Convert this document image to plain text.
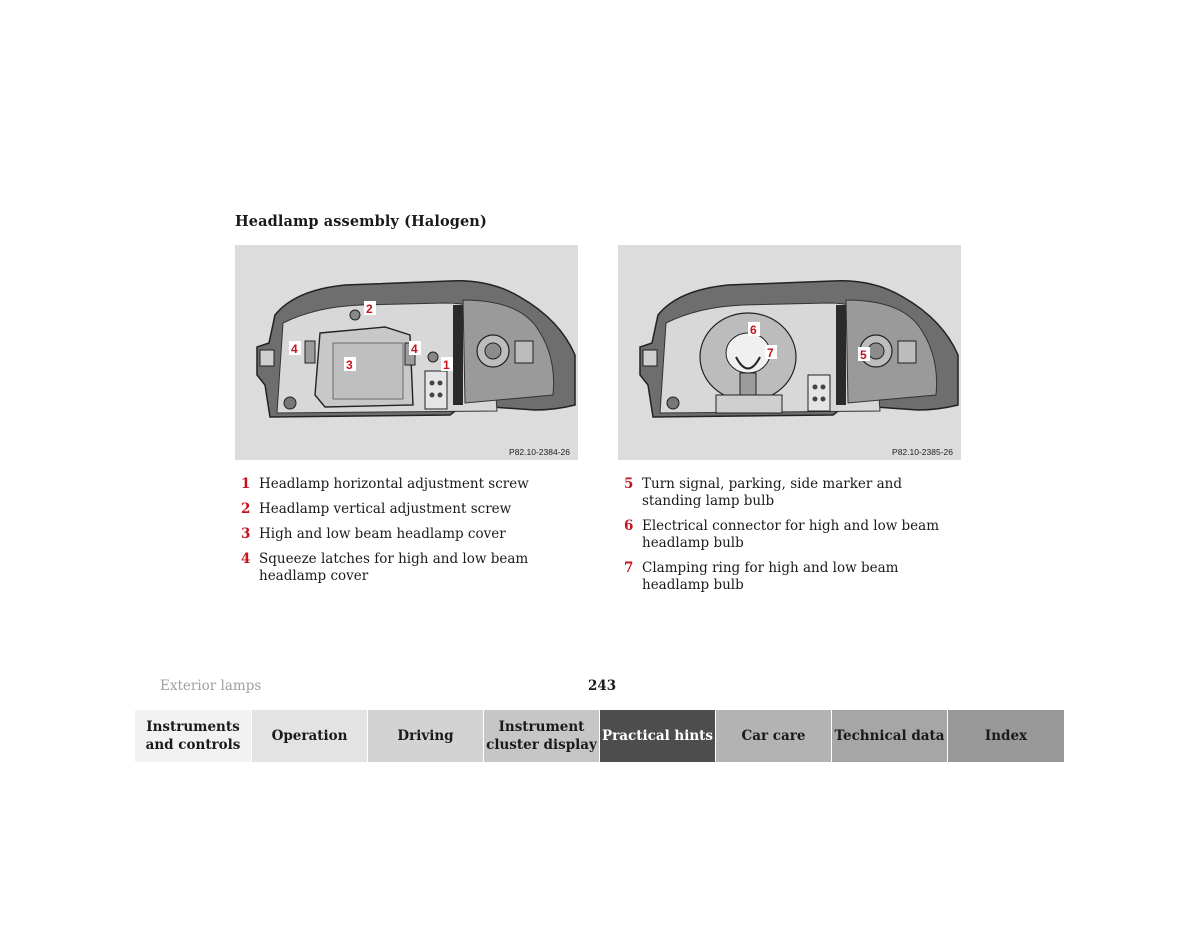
Headlamp assembly (Halogen)
2
3
4
4
1
P82.10-2384-26
5
6
7
P82.10-2385-26
1 Headlamp horizontal adjustment screw
2 Headlamp vertical adjustment screw
3 High and low beam headlamp cover
4 Squeeze latches for high and low beam headlamp cover
5 Turn signal, parking, side marker and standing lamp bulb
6 Electrical connector for high and low beam headlamp bulb
7 Clamping ring for high and low beam headlamp bulb
Exterior lamps	243
Instruments and controls
Operation	Driving
Instrument cluster display
Practical hints Car care Technical data	Index
